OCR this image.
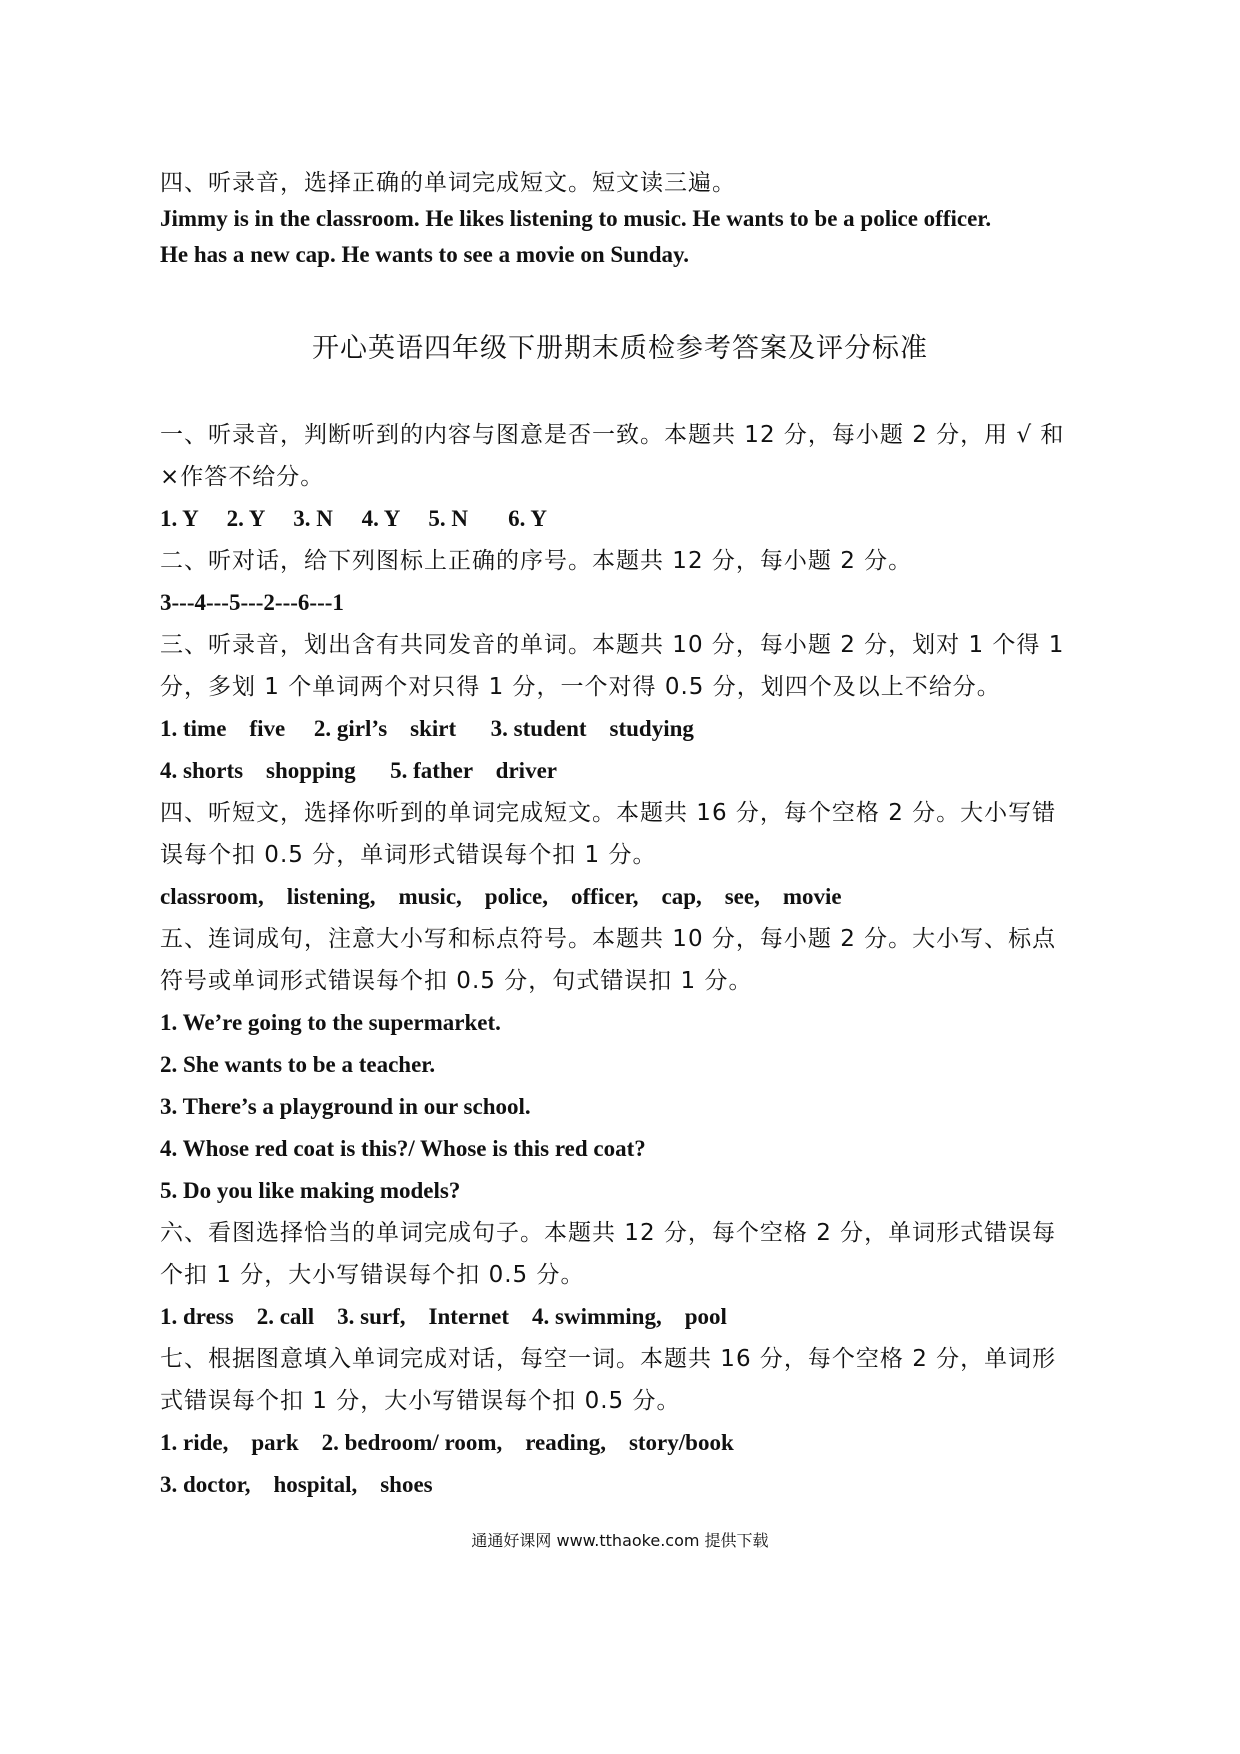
四、听录音，选择正确的单词完成短文。短文读三遍。
Jimmy is in the classroom. He likes listening to music. He wants to be a police officer.
He has a new cap. He wants to see a movie on Sunday.
开心英语四年级下册期末质检参考答案及评分标准
一、听录音，判断听到的内容与图意是否一致。本题共 12 分，每小题 2 分，用 √ 和
×作答不给分。
1. Y     2. Y     3. N     4. Y     5. N       6. Y
二、听对话，给下列图标上正确的序号。本题共 12 分，每小题 2 分。
3---4---5---2---6---1
三、听录音，划出含有共同发音的单词。本题共 10 分，每小题 2 分，划对 1 个得 1
分，多划 1 个单词两个对只得 1 分，一个对得 0.5 分，划四个及以上不给分。
1. time    five     2. girl’s    skirt      3. student    studying
4. shorts    shopping      5. father    driver
四、听短文，选择你听到的单词完成短文。本题共 16 分，每个空格 2 分。大小写错
误每个扣 0.5 分，单词形式错误每个扣 1 分。
classroom,    listening,    music,    police,    officer,    cap,    see,    movie
五、连词成句，注意大小写和标点符号。本题共 10 分，每小题 2 分。大小写、标点
符号或单词形式错误每个扣 0.5 分，句式错误扣 1 分。
1. We’re going to the supermarket.
2. She wants to be a teacher.
3. There’s a playground in our school.
4. Whose red coat is this?/ Whose is this red coat?
5. Do you like making models?
六、看图选择恰当的单词完成句子。本题共 12 分，每个空格 2 分，单词形式错误每
个扣 1 分，大小写错误每个扣 0.5 分。
1. dress    2. call    3. surf,    Internet    4. swimming,    pool
七、根据图意填入单词完成对话，每空一词。本题共 16 分，每个空格 2 分，单词形
式错误每个扣 1 分，大小写错误每个扣 0.5 分。
1. ride,    park    2. bedroom/ room,    reading,    story/book
3. doctor,    hospital,    shoes
通通好课网 www.tthaoke.com 提供下载
